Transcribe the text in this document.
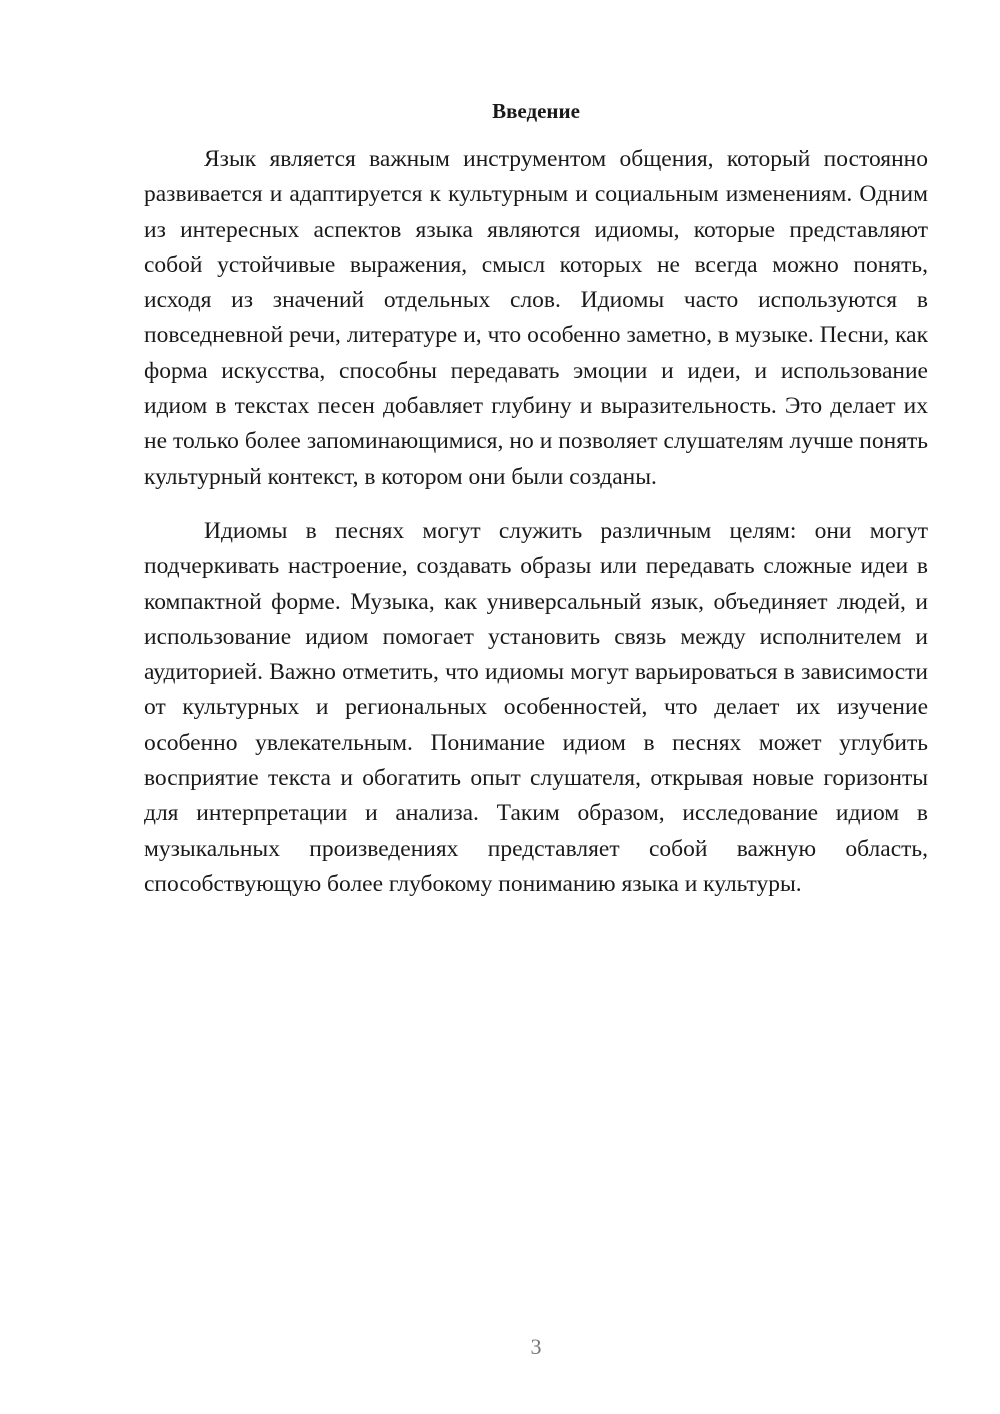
Введение

Язык является важным инструментом общения, который постоянно развивается и адаптируется к культурным и социальным изменениям. Одним из интересных аспектов языка являются идиомы, которые представляют собой устойчивые выражения, смысл которых не всегда можно понять, исходя из значений отдельных слов. Идиомы часто используются в повседневной речи, литературе и, что особенно заметно, в музыке. Песни, как форма искусства, способны передавать эмоции и идеи, и использование идиом в текстах песен добавляет глубину и выразительность. Это делает их не только более запоминающимися, но и позволяет слушателям лучше понять культурный контекст, в котором они были созданы.

Идиомы в песнях могут служить различным целям: они могут подчеркивать настроение, создавать образы или передавать сложные идеи в компактной форме. Музыка, как универсальный язык, объединяет людей, и использование идиом помогает установить связь между исполнителем и аудиторией. Важно отметить, что идиомы могут варьироваться в зависимости от культурных и региональных особенностей, что делает их изучение особенно увлекательным. Понимание идиом в песнях может углубить восприятие текста и обогатить опыт слушателя, открывая новые горизонты для интерпретации и анализа. Таким образом, исследование идиом в музыкальных произведениях представляет собой важную область, способствующую более глубокому пониманию языка и культуры.

3
